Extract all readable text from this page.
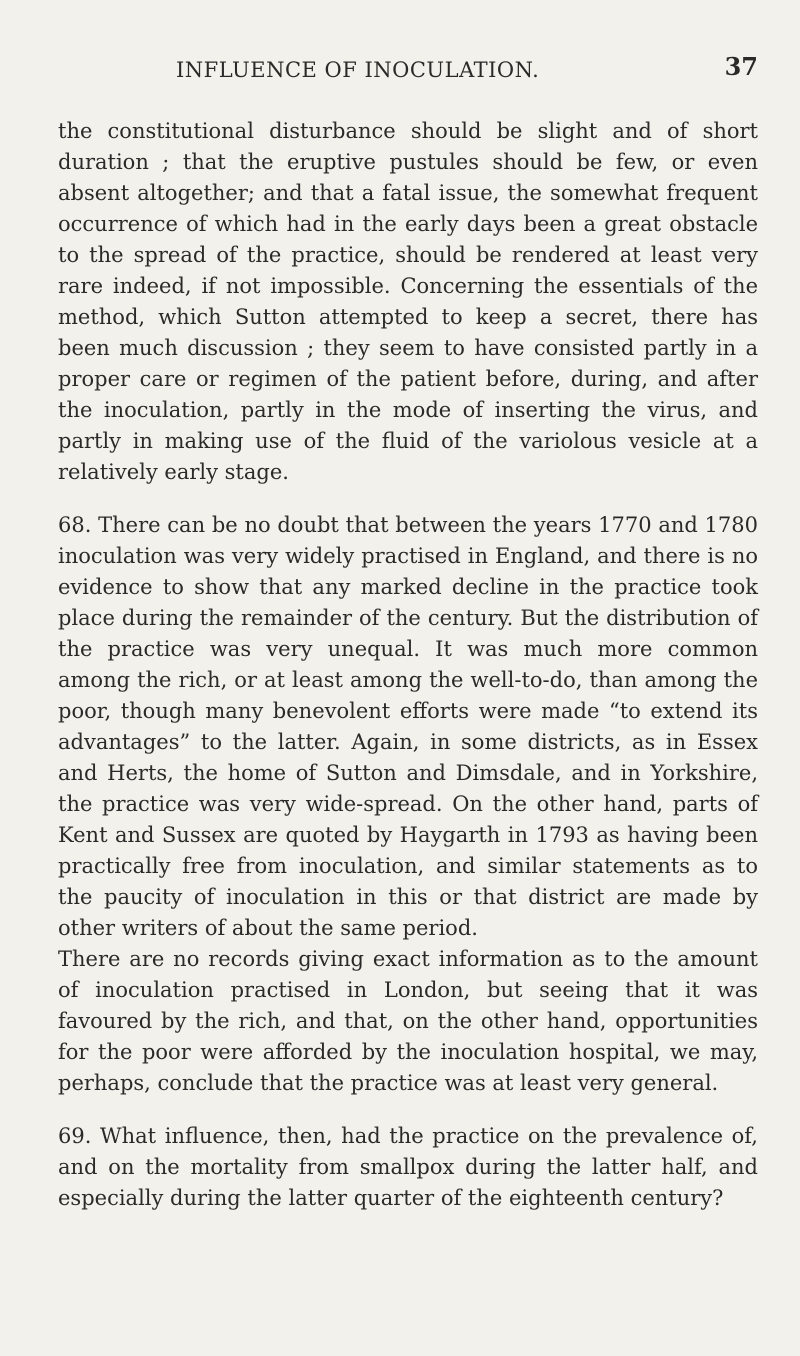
INFLUENCE OF INOCULATION.	37

the constitutional disturbance should be slight and of short duration ; that the eruptive pustules should be few, or even absent altogether; and that a fatal issue, the somewhat frequent occurrence of which had in the early days been a great obstacle to the spread of the practice, should be rendered at least very rare indeed, if not impossible. Concerning the essentials of the method, which Sutton attempted to keep a secret, there has been much discussion ; they seem to have consisted partly in a proper care or regimen of the patient before, during, and after the inoculation, partly in the mode of inserting the virus, and partly in making use of the fluid of the variolous vesicle at a relatively early stage.

68. There can be no doubt that between the years 1770 and 1780 inoculation was very widely practised in England, and there is no evidence to show that any marked decline in the practice took place during the remainder of the century. But the distribution of the practice was very unequal. It was much more common among the rich, or at least among the well-to-do, than among the poor, though many benevolent efforts were made “to extend its advantages” to the latter. Again, in some districts, as in Essex and Herts, the home of Sutton and Dimsdale, and in Yorkshire, the practice was very wide-spread. On the other hand, parts of Kent and Sussex are quoted by Haygarth in 1793 as having been practically free from inoculation, and similar statements as to the paucity of inoculation in this or that district are made by other writers of about the same period.

There are no records giving exact information as to the amount of inoculation practised in London, but seeing that it was favoured by the rich, and that, on the other hand, opportunities for the poor were afforded by the inoculation hospital, we may, perhaps, conclude that the practice was at least very general.

69. What influence, then, had the practice on the prevalence of, and on the mortality from smallpox during the latter half, and especially during the latter quarter of the eighteenth century?
